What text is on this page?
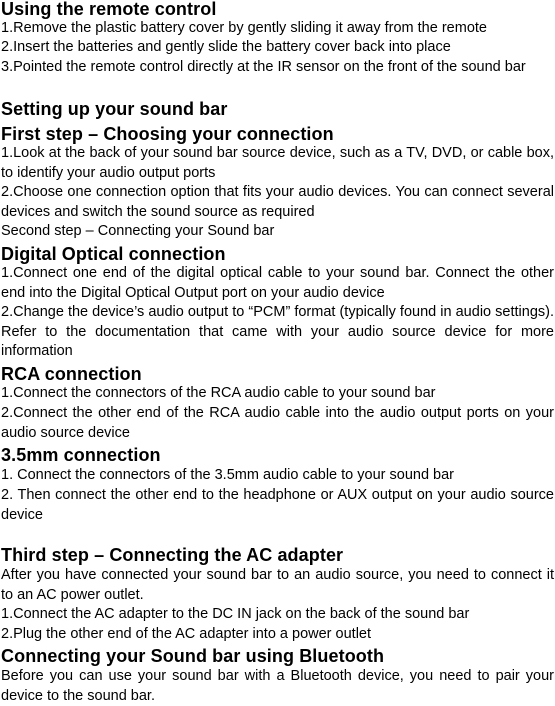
Using the remote control
1.Remove the plastic battery cover by gently sliding it away from the remote
2.Insert the batteries and gently slide the battery cover back into place
3.Pointed the remote control directly at the IR sensor on the front of the sound bar
Setting up your sound bar
First step – Choosing your connection
1.Look at the back of your sound bar source device, such as a TV, DVD, or cable box, to identify your audio output ports
2.Choose one connection option that fits your audio devices. You can connect several devices and switch the sound source as required
Second step – Connecting your Sound bar
Digital Optical connection
1.Connect one end of the digital optical cable to your sound bar. Connect the other end into the Digital Optical Output port on your audio device
2.Change the device’s audio output to “PCM” format (typically found in audio settings). Refer to the documentation that came with your audio source device for more information
RCA connection
1.Connect the connectors of the RCA audio cable to your sound bar
2.Connect the other end of the RCA audio cable into the audio output ports on your audio source device
3.5mm connection
1. Connect the connectors of the 3.5mm audio cable to your sound bar
2. Then connect the other end to the headphone or AUX output on your audio source device
Third step – Connecting the AC adapter
After you have connected your sound bar to an audio source, you need to connect it to an AC power outlet.
1.Connect the AC adapter to the DC IN jack on the back of the sound bar
2.Plug the other end of the AC adapter into a power outlet
Connecting your Sound bar using Bluetooth
Before you can use your sound bar with a Bluetooth device, you need to pair your device to the sound bar.
